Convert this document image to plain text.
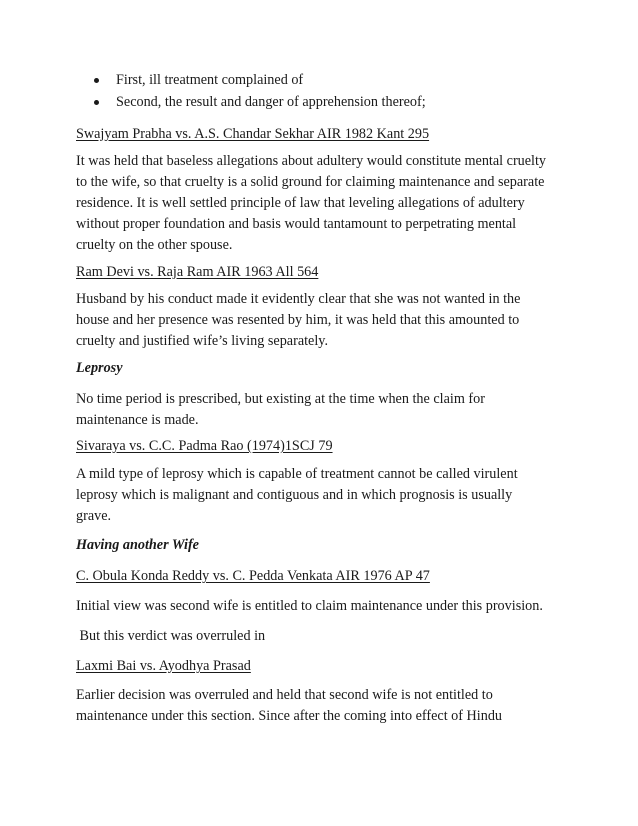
First, ill treatment complained of
Second, the result and danger of apprehension thereof;

Swajyam Prabha vs. A.S. Chandar Sekhar AIR 1982 Kant 295

It was held that baseless allegations about adultery would constitute mental cruelty
to the wife, so that cruelty is a solid ground for claiming maintenance and separate
residence. It is well settled principle of law that leveling allegations of adultery
without proper foundation and basis would tantamount to perpetrating mental
cruelty on the other spouse.

Ram Devi vs. Raja Ram AIR 1963 All 564

Husband by his conduct made it evidently clear that she was not wanted in the
house and her presence was resented by him, it was held that this amounted to
cruelty and justified wife’s living separately.

Leprosy

No time period is prescribed, but existing at the time when the claim for
maintenance is made.

Sivaraya vs. C.C. Padma Rao (1974)1SCJ 79

A mild type of leprosy which is capable of treatment cannot be called virulent
leprosy which is malignant and contiguous and in which prognosis is usually
grave.

Having another Wife

C. Obula Konda Reddy vs. C. Pedda Venkata AIR 1976 AP 47

Initial view was second wife is entitled to claim maintenance under this provision.

But this verdict was overruled in

Laxmi Bai vs. Ayodhya Prasad

Earlier decision was overruled and held that second wife is not entitled to
maintenance under this section. Since after the coming into effect of Hindu
